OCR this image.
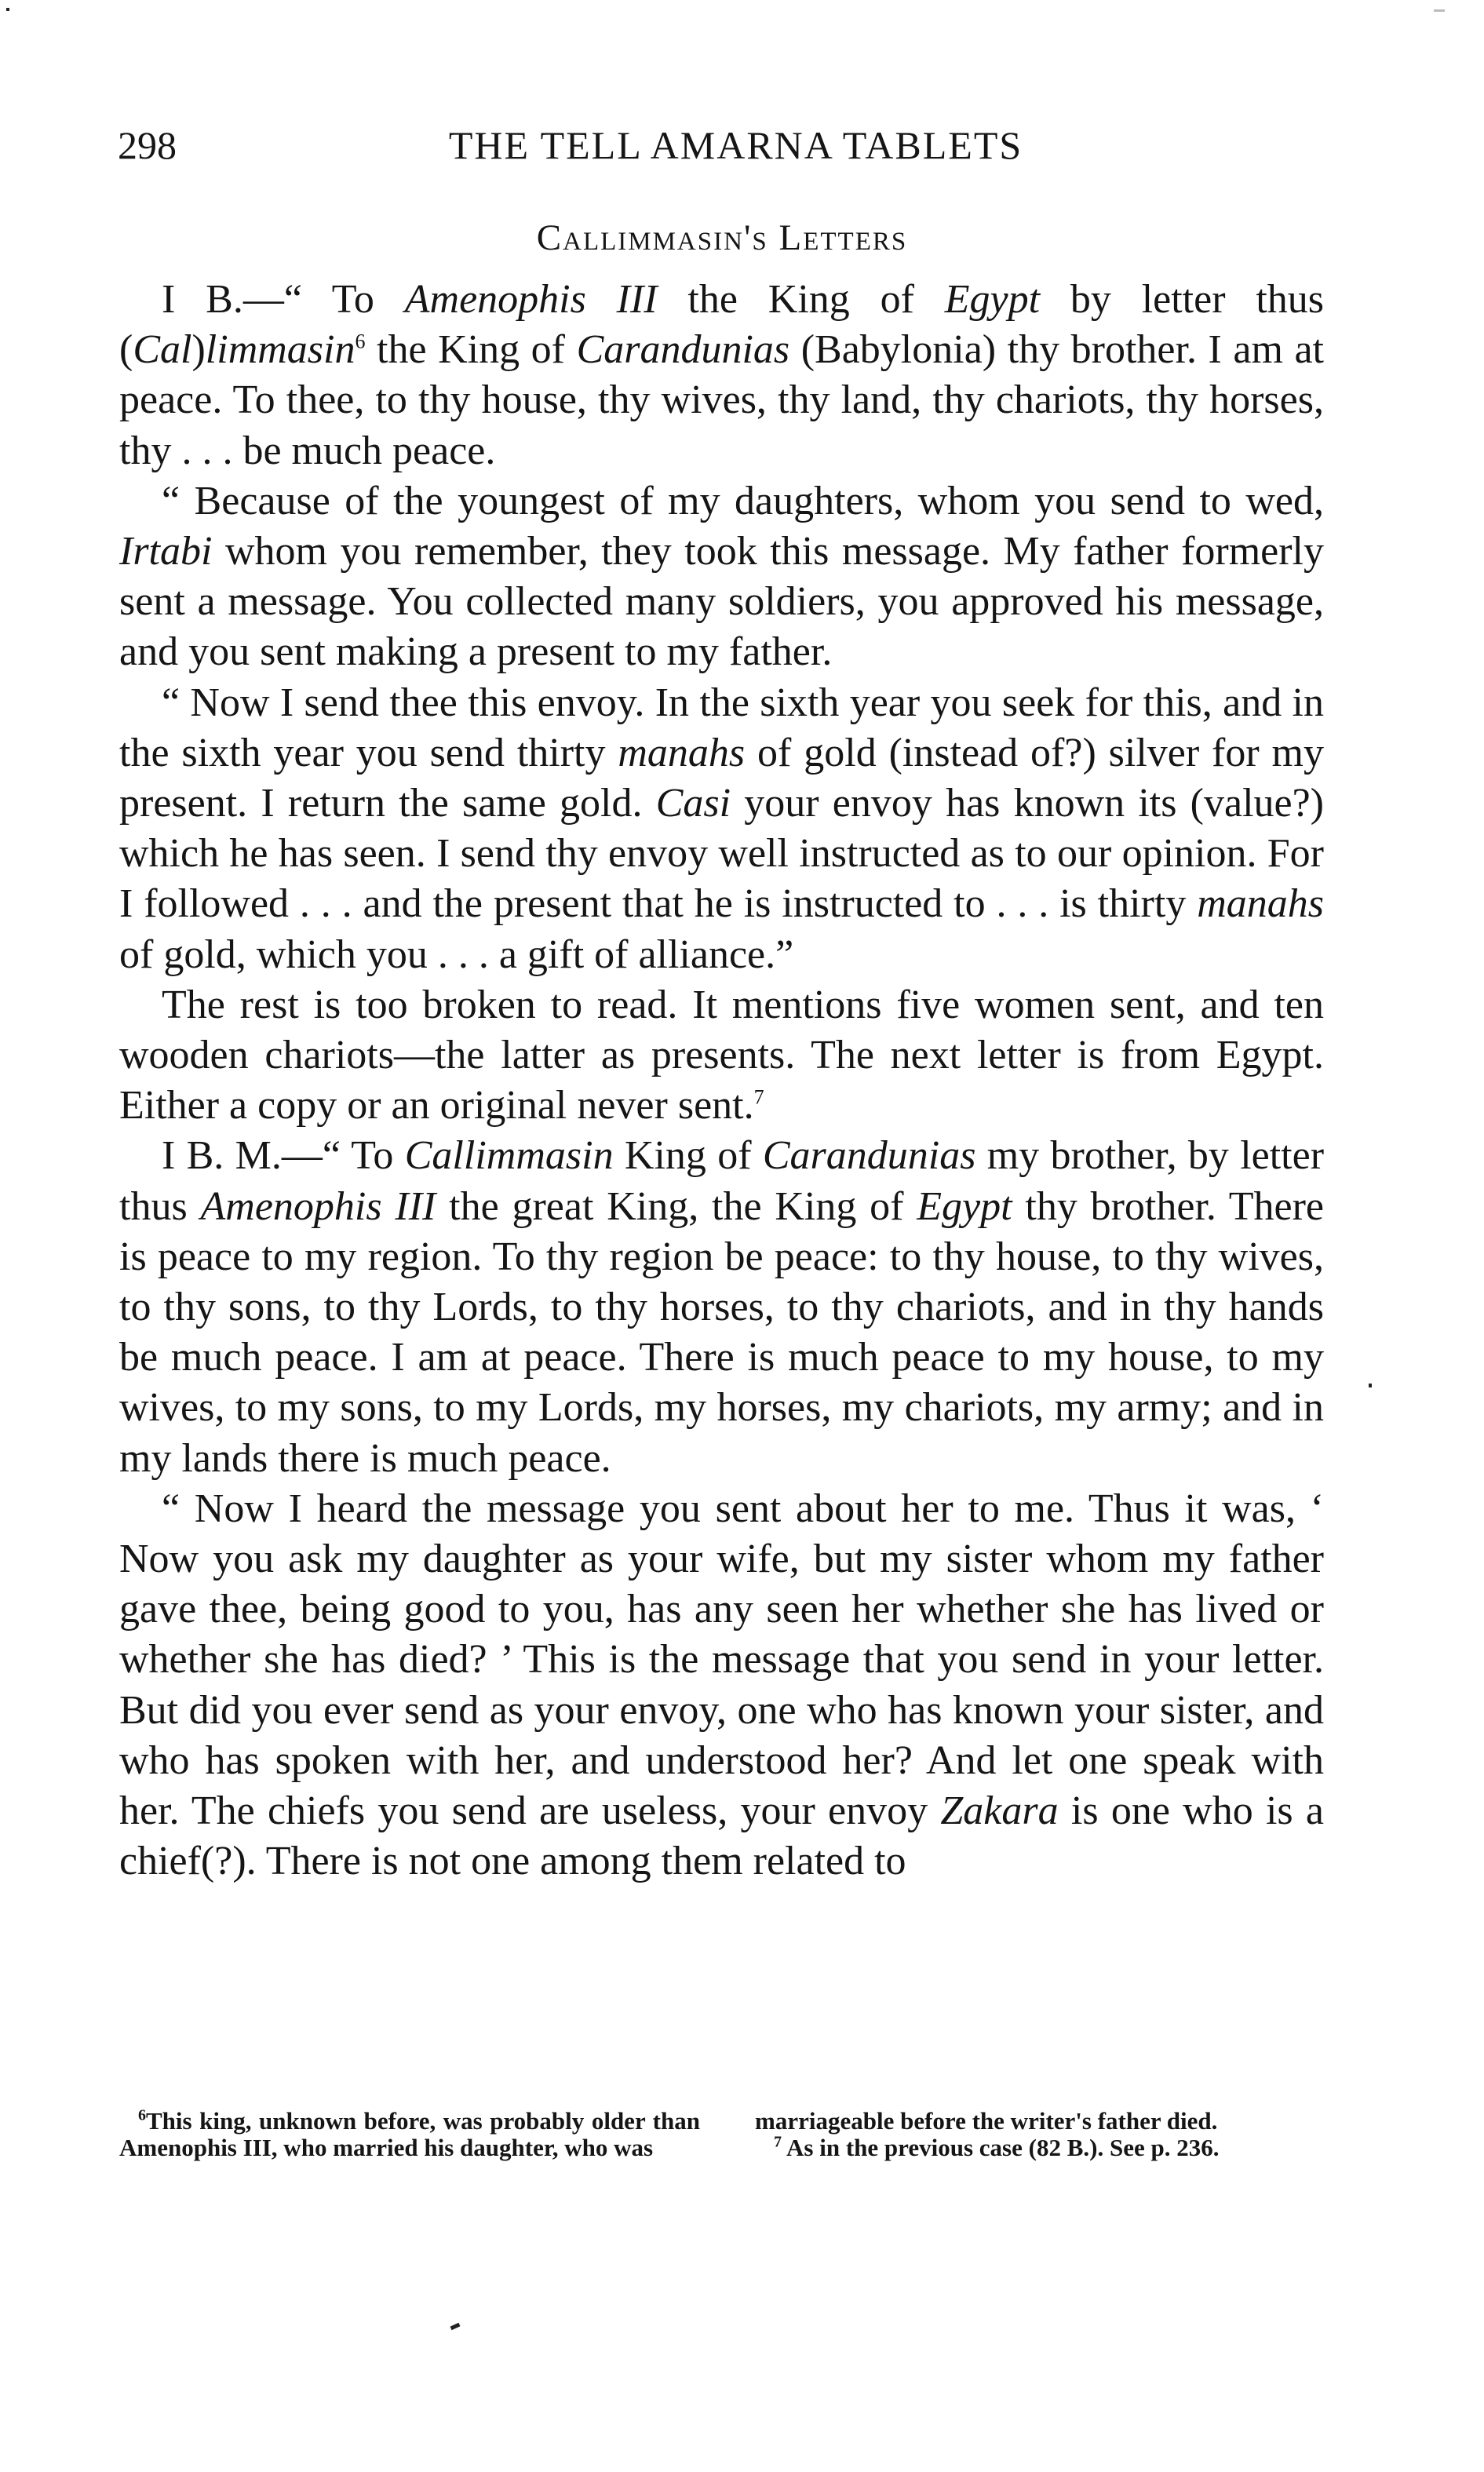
298	THE TELL AMARNA TABLETS
Callimmasin's Letters

I B.—“ To Amenophis III the King of Egypt by letter thus (Cal)limmasin$^6$ the King of Carandunias (Babylonia) thy brother. I am at peace. To thee, to thy house, thy wives, thy land, thy chariots, thy horses, thy . . . be much peace.

“ Because of the youngest of my daughters, whom you send to wed, Irtabi whom you remember, they took this message. My father formerly sent a message. You collected many soldiers, you approved his message, and you sent making a present to my father.

“ Now I send thee this envoy. In the sixth year you seek for this, and in the sixth year you send thirty manahs of gold (instead of?) silver for my present. I return the same gold. Casi your envoy has known its (value?) which he has seen. I send thy envoy well instructed as to our opinion. For I followed . . . and the present that he is instructed to . . . is thirty manahs of gold, which you . . . a gift of alliance.”

The rest is too broken to read. It mentions five women sent, and ten wooden chariots—the latter as presents. The next letter is from Egypt. Either a copy or an original never sent.$^7$

I B. M.—“ To Callimmasin King of Carandunias my brother, by letter thus Amenophis III the great King, the King of Egypt thy brother. There is peace to my region. To thy region be peace: to thy house, to thy wives, to thy sons, to thy Lords, to thy horses, to thy chariots, and in thy hands be much peace. I am at peace. There is much peace to my house, to my wives, to my sons, to my Lords, my horses, my chariots, my army; and in my lands there is much peace.

“ Now I heard the message you sent about her to me. Thus it was, ‘ Now you ask my daughter as your wife, but my sister whom my father gave thee, being good to you, has any seen her whether she has lived or whether she has died? ’ This is the message that you send in your letter. But did you ever send as your envoy, one who has known your sister, and who has spoken with her, and understood her? And let one speak with her. The chiefs you send are useless, your envoy Zakara is one who is a chief(?). There is not one among them related to

$^6$This king, unknown before, was probably older than Amenophis III, who married his daughter, who was

marriageable before the writer's father died.

$^7$ As in the previous case (82 B.). See p. 236.
